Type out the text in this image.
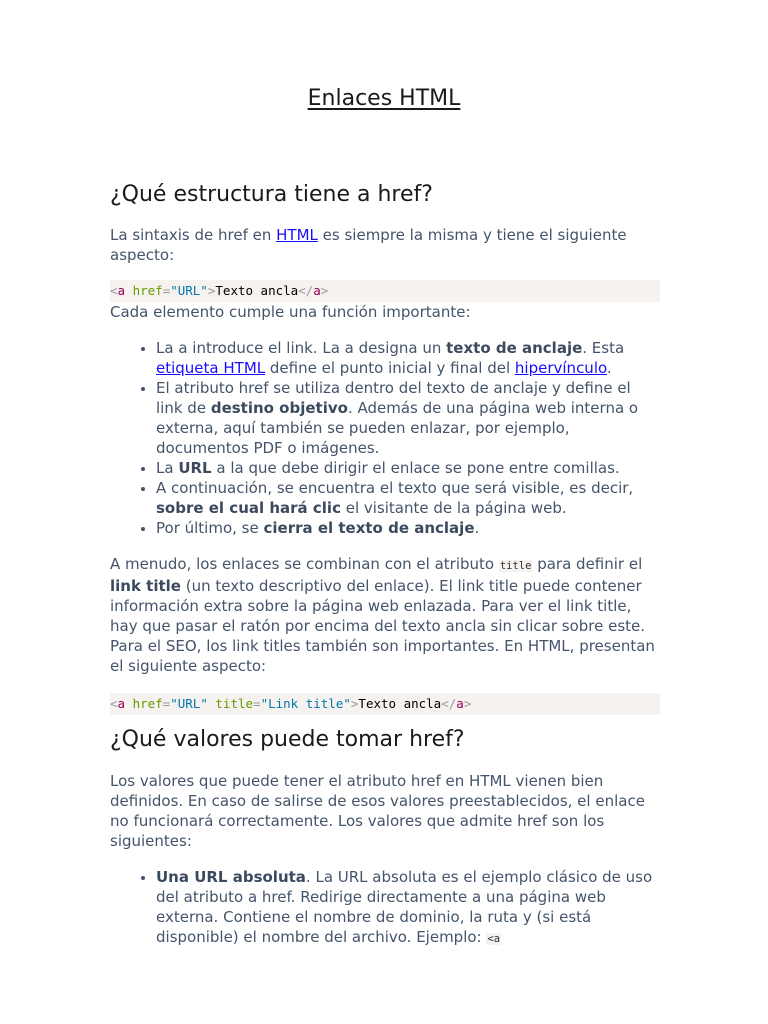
Enlaces HTML
¿Qué estructura tiene a href?

La sintaxis de href en HTML es siempre la misma y tiene el siguiente aspecto:

<a href="URL">Texto ancla</a>

Cada elemento cumple una función importante:

• La a introduce el link. La a designa un texto de anclaje. Esta etiqueta HTML define el punto inicial y final del hipervínculo.
• El atributo href se utiliza dentro del texto de anclaje y define el link de destino objetivo. Además de una página web interna o externa, aquí también se pueden enlazar, por ejemplo, documentos PDF o imágenes.
• La URL a la que debe dirigir el enlace se pone entre comillas.
• A continuación, se encuentra el texto que será visible, es decir, sobre el cual hará clic el visitante de la página web.
• Por último, se cierra el texto de anclaje.

A menudo, los enlaces se combinan con el atributo title para definir el link title (un texto descriptivo del enlace). El link title puede contener información extra sobre la página web enlazada. Para ver el link title, hay que pasar el ratón por encima del texto ancla sin clicar sobre este. Para el SEO, los link titles también son importantes. En HTML, presentan el siguiente aspecto:

<a href="URL" title="Link title">Texto ancla</a>
¿Qué valores puede tomar href?

Los valores que puede tener el atributo href en HTML vienen bien definidos. En caso de salirse de esos valores preestablecidos, el enlace no funcionará correctamente. Los valores que admite href son los siguientes:

• Una URL absoluta. La URL absoluta es el ejemplo clásico de uso del atributo a href. Redirige directamente a una página web externa. Contiene el nombre de dominio, la ruta y (si está disponible) el nombre del archivo. Ejemplo: <a
